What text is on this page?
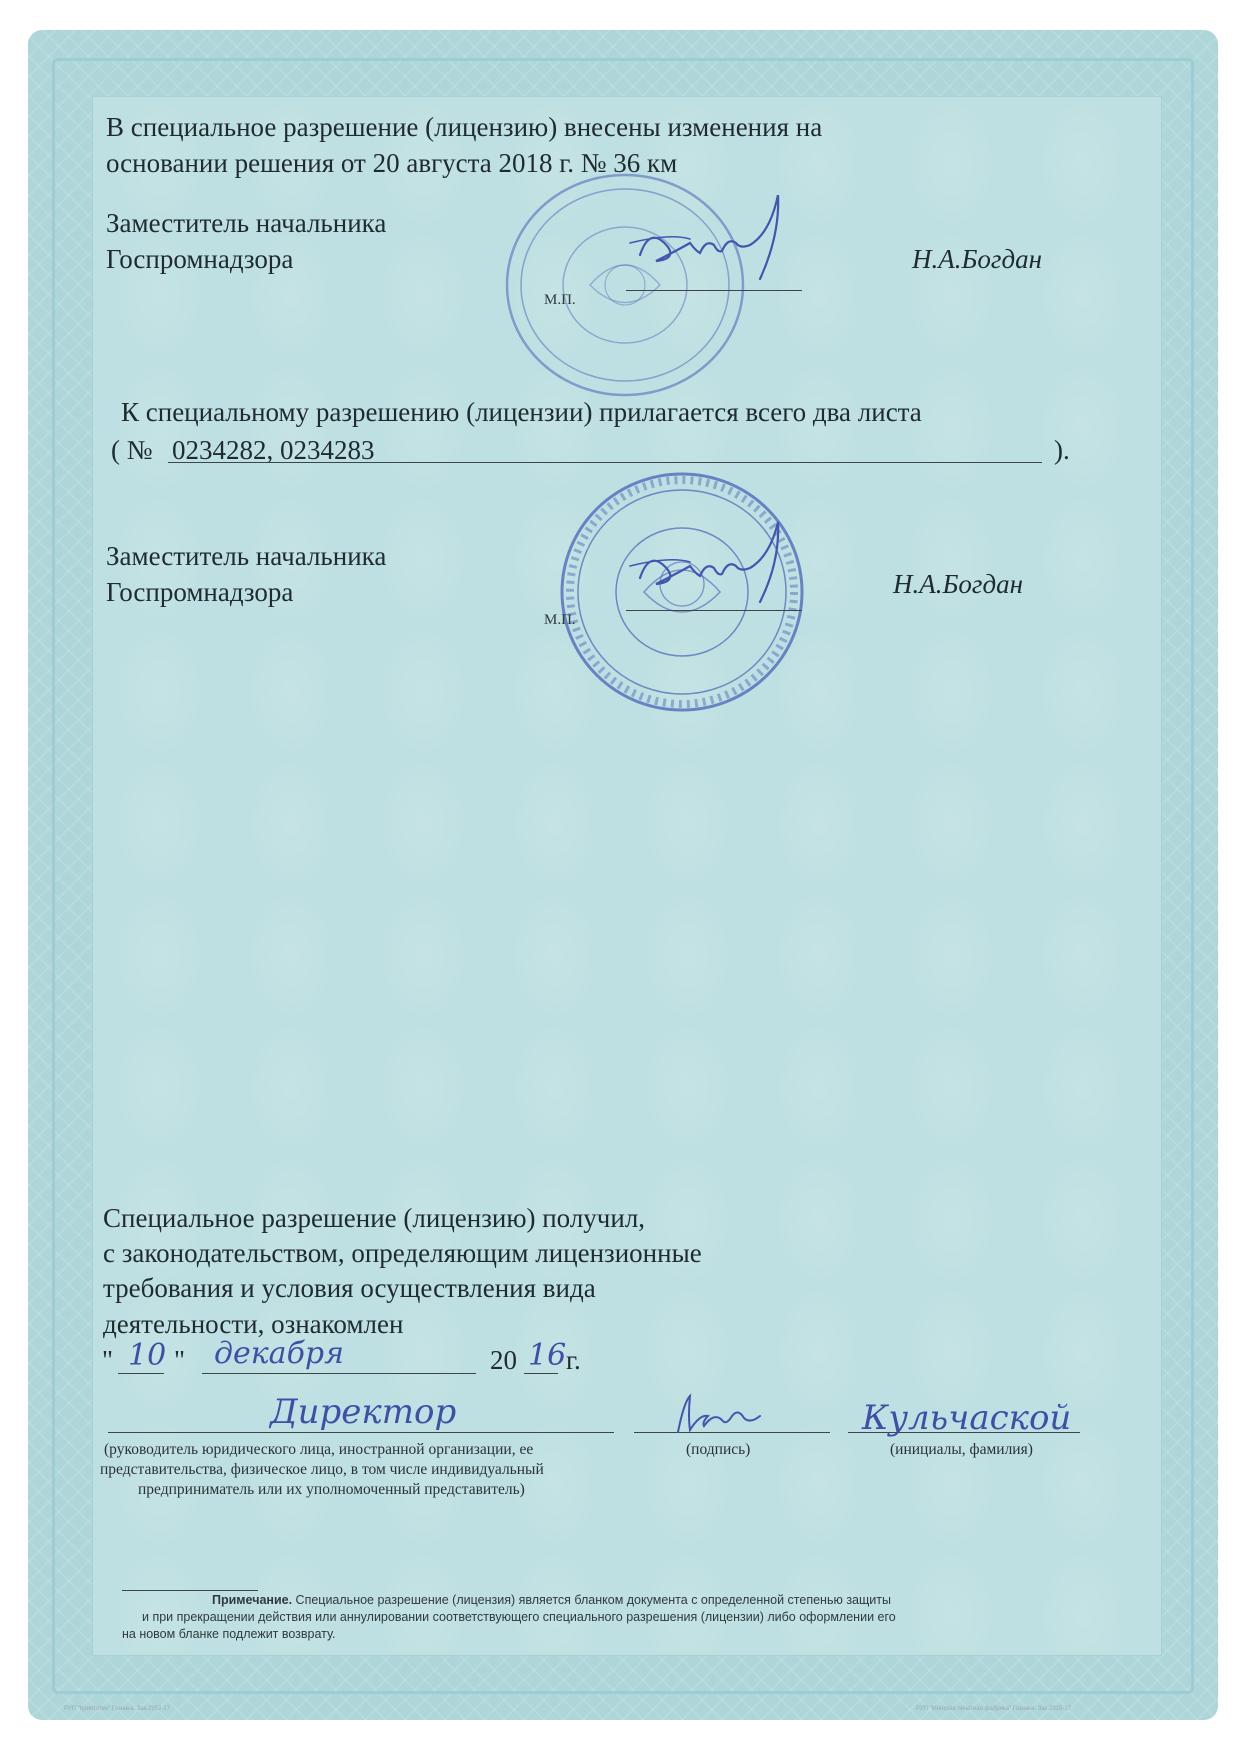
В специальное разрешение (лицензию) внесены изменения на
основании решения от 20 августа 2018 г. № 36 км
Заместитель начальника
Госпромнадзора
М.П.
Н.А.Богдан
К специальному разрешению (лицензии) прилагается всего два листа
( № 0234282, 0234283	).
Заместитель начальника
Госпромнадзора
М.П.
Н.А.Богдан
Специальное разрешение (лицензию) получил,
с законодательством, определяющим лицензионные
требования и условия осуществления вида
деятельности, ознакомлен
" 10 " декабря	20 16 г.
Директор	Кульчаской
(руководитель юридического лица, иностранной организации, ее
представительства, физическое лицо, в том числе индивидуальный
предприниматель или их уполномоченный представитель)
(подпись)	(инициалы, фамилия)
Примечание. Специальное разрешение (лицензия) является бланком документа с определенной степенью защиты
и при прекращении действия или аннулировании соответствующего специального разрешения (лицензии) либо оформлении его
на новом бланке подлежит возврату.
РУП "Криптотех" Гознака. Зак.2352-17	РУП "Минская печатная фабрика" Гознака. Зак.2315-17
